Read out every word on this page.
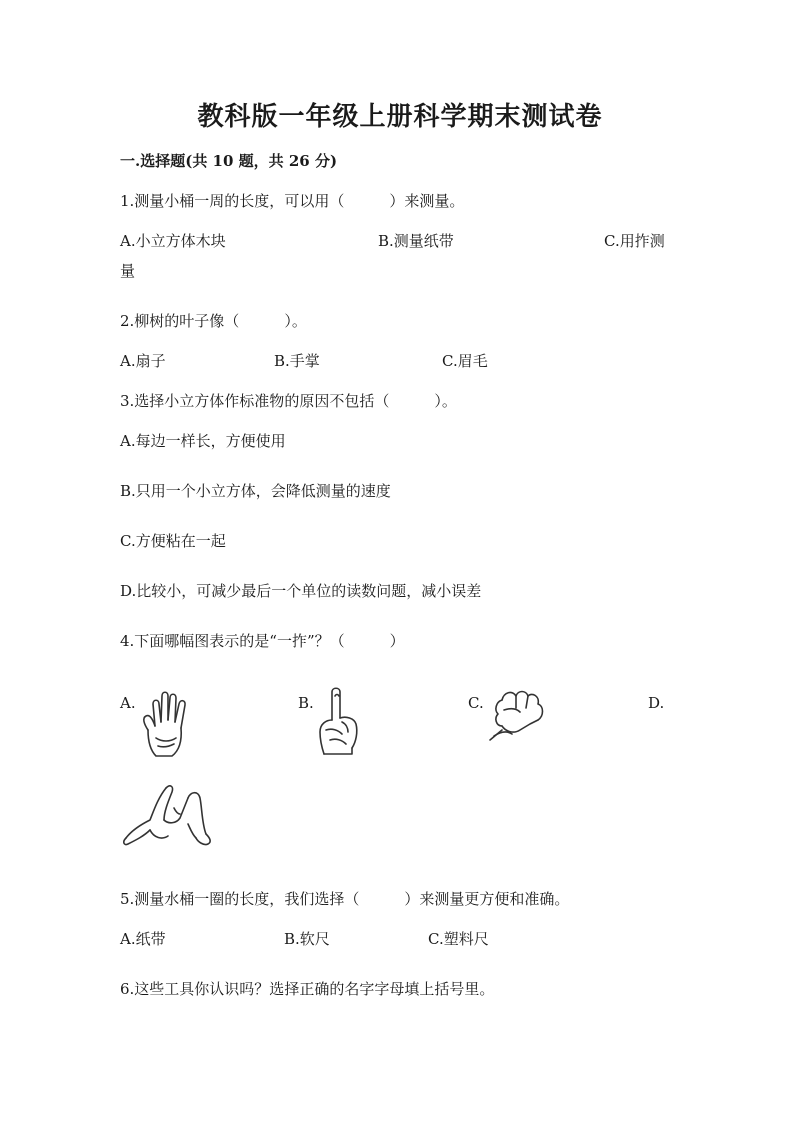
教科版一年级上册科学期末测试卷
一.选择题(共 10 题，共 26 分)
1.测量小桶一周的长度，可以用（　　　）来测量。
A.小立方体木块	B.测量纸带	C.用拃测
量
2.柳树的叶子像（　　　）。
A.扇子	B.手掌	C.眉毛
3.选择小立方体作标准物的原因不包括（　　　）。
A.每边一样长，方便使用
B.只用一个小立方体，会降低测量的速度
C.方便粘在一起
D.比较小，可减少最后一个单位的读数问题，减小误差
4.下面哪幅图表示的是“一拃”？（　　　）
A.	B.	C.	D.
5.测量水桶一圈的长度，我们选择（　　　）来测量更方便和准确。
A.纸带	B.软尺	C.塑料尺
6.这些工具你认识吗？选择正确的名字字母填上括号里。
